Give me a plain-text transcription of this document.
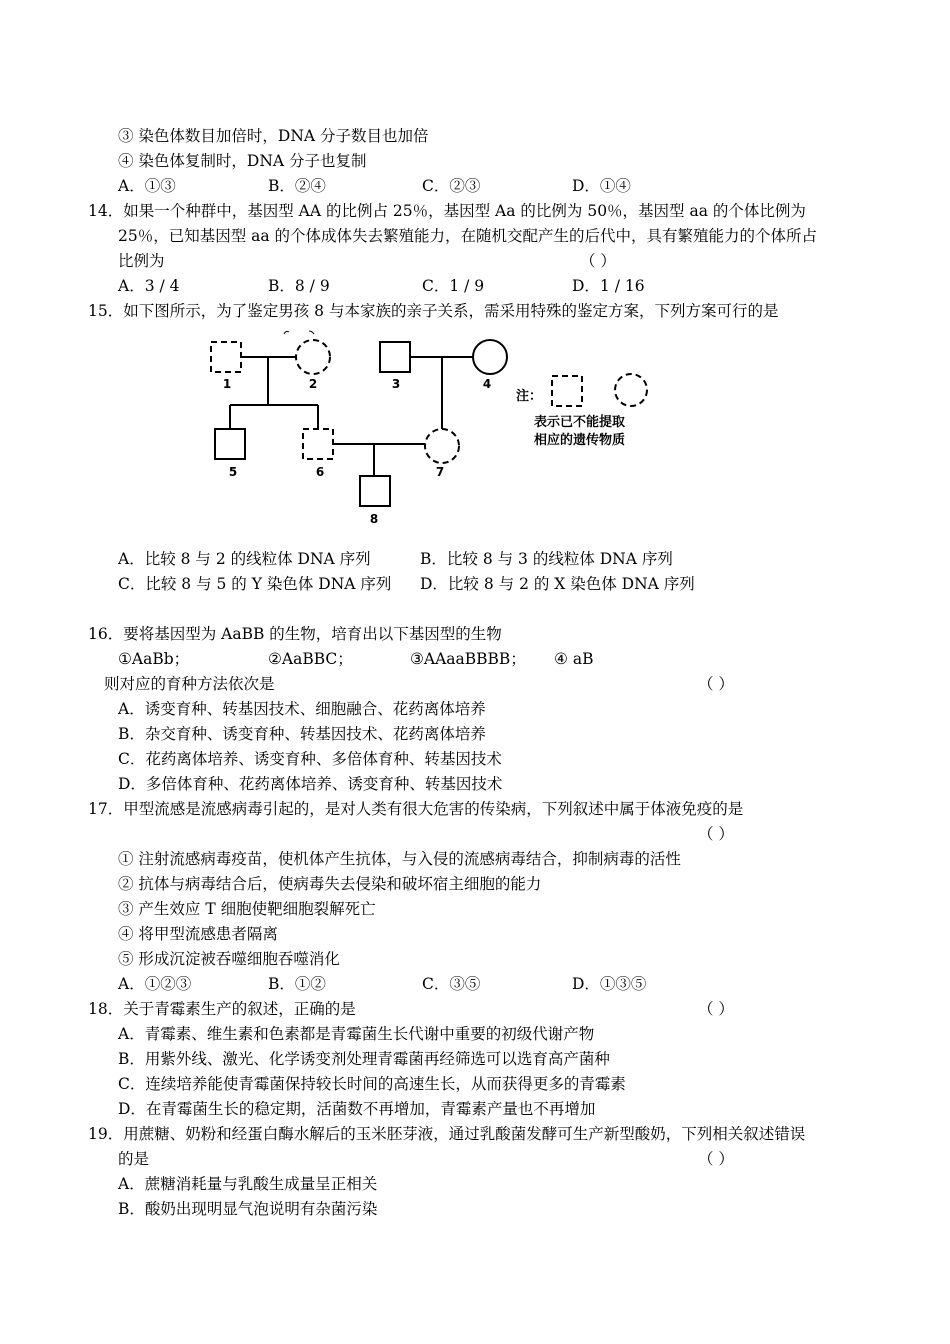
③ 染色体数目加倍时，DNA 分子数目也加倍
④ 染色体复制时，DNA 分子也复制
A．①③	B．②④	C．②③	D．①④
14．如果一个种群中，基因型 AA 的比例占 25％，基因型 Aa 的比例为 50％，基因型 aa 的个体比例为
25％，已知基因型 aa 的个体成体失去繁殖能力，在随机交配产生的后代中，具有繁殖能力的个体所占
比例为	（ ）
A．3 / 4	B．8 / 9	C．1 / 9	D．1 / 16
15．如下图所示，为了鉴定男孩 8 与本家族的亲子关系，需采用特殊的鉴定方案，下列方案可行的是
1	2	3	4
5	6	7
8
注：
表示已不能提取
相应的遗传物质
A．比较 8 与 2 的线粒体 DNA 序列	B．比较 8 与 3 的线粒体 DNA 序列
C．比较 8 与 5 的 Y 染色体 DNA 序列 D．比较 8 与 2 的 X 染色体 DNA 序列
16．要将基因型为 AaBB 的生物，培育出以下基因型的生物
①AaBb；	②AaBBC；	③AAaaBBBB； ④ aB
则对应的育种方法依次是	（ ）
A．诱变育种、转基因技术、细胞融合、花药离体培养
B．杂交育种、诱变育种、转基因技术、花药离体培养
C．花药离体培养、诱变育种、多倍体育种、转基因技术
D．多倍体育种、花药离体培养、诱变育种、转基因技术
17．甲型流感是流感病毒引起的，是对人类有很大危害的传染病，下列叙述中属于体液免疫的是
（ ）
① 注射流感病毒疫苗，使机体产生抗体，与入侵的流感病毒结合，抑制病毒的活性
② 抗体与病毒结合后，使病毒失去侵染和破坏宿主细胞的能力
③ 产生效应 T 细胞使靶细胞裂解死亡
④ 将甲型流感患者隔离
⑤ 形成沉淀被吞噬细胞吞噬消化
A．①②③	B．①②	C．③⑤	D．①③⑤
18．关于青霉素生产的叙述，正确的是	（ ）
A．青霉素、维生素和色素都是青霉菌生长代谢中重要的初级代谢产物
B．用紫外线、激光、化学诱变剂处理青霉菌再经筛选可以选育高产菌种
C．连续培养能使青霉菌保持较长时间的高速生长，从而获得更多的青霉素
D．在青霉菌生长的稳定期，活菌数不再增加，青霉素产量也不再增加
19．用蔗糖、奶粉和经蛋白酶水解后的玉米胚芽液，通过乳酸菌发酵可生产新型酸奶，下列相关叙述错误
的是	（ ）
A．蔗糖消耗量与乳酸生成量呈正相关
B．酸奶出现明显气泡说明有杂菌污染
